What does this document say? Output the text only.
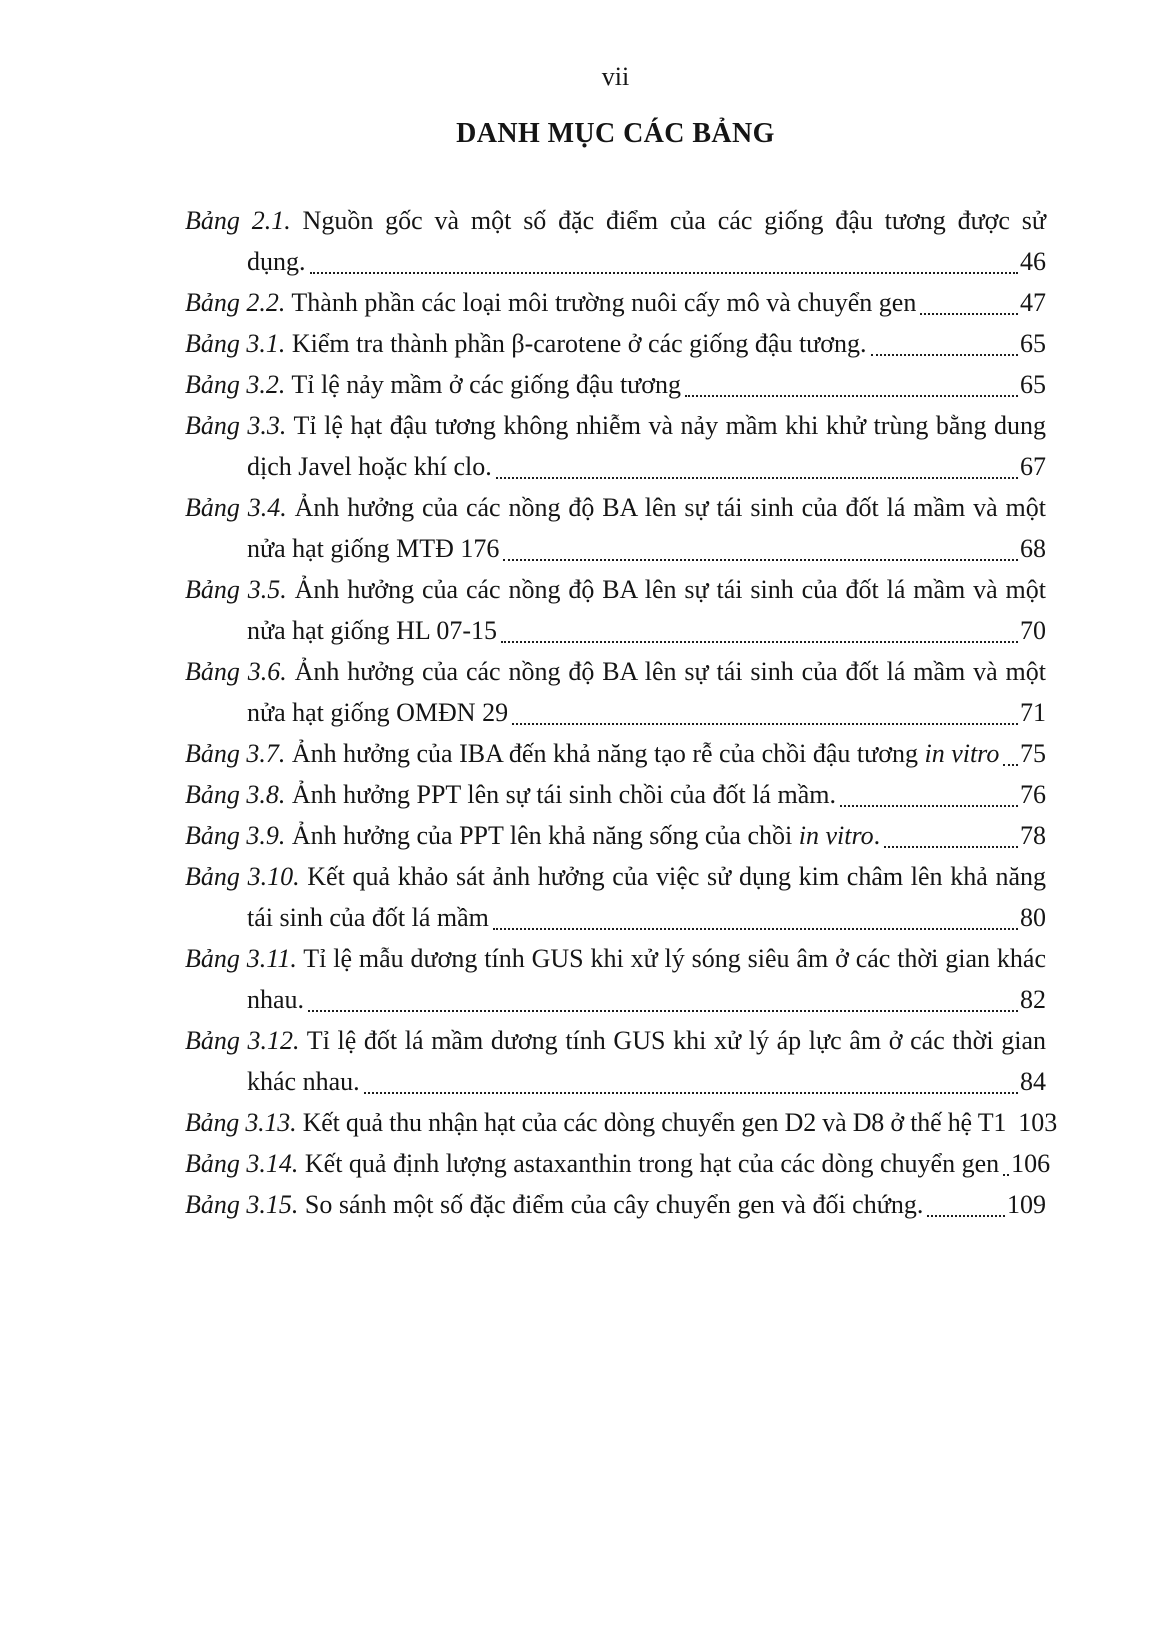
vii
DANH MỤC CÁC BẢNG
Bảng 2.1. Nguồn gốc và một số đặc điểm của các giống đậu tương được sử
dụng.	46
Bảng 2.2. Thành phần các loại môi trường nuôi cấy mô và chuyển gen	47
Bảng 3.1. Kiểm tra thành phần β-carotene ở các giống đậu tương.	65
Bảng 3.2. Tỉ lệ nảy mầm ở các giống đậu tương	65
Bảng 3.3. Tỉ lệ hạt đậu tương không nhiễm và nảy mầm khi khử trùng bằng dung
dịch Javel hoặc khí clo.	67
Bảng 3.4. Ảnh hưởng của các nồng độ BA lên sự tái sinh của đốt lá mầm và một
nửa hạt giống MTĐ 176	68
Bảng 3.5. Ảnh hưởng của các nồng độ BA lên sự tái sinh của đốt lá mầm và một
nửa hạt giống HL 07-15	70
Bảng 3.6. Ảnh hưởng của các nồng độ BA lên sự tái sinh của đốt lá mầm và một
nửa hạt giống OMĐN 29	71
Bảng 3.7. Ảnh hưởng của IBA đến khả năng tạo rễ của chồi đậu tương in vitro 75
Bảng 3.8. Ảnh hưởng PPT lên sự tái sinh chồi của đốt lá mầm.	76
Bảng 3.9. Ảnh hưởng của PPT lên khả năng sống của chồi in vitro.	78
Bảng 3.10. Kết quả khảo sát ảnh hưởng của việc sử dụng kim châm lên khả năng
tái sinh của đốt lá mầm	80
Bảng 3.11. Tỉ lệ mẫu dương tính GUS khi xử lý sóng siêu âm ở các thời gian khác
nhau.	82
Bảng 3.12. Tỉ lệ đốt lá mầm dương tính GUS khi xử lý áp lực âm ở các thời gian
khác nhau.	84
Bảng 3.13. Kết quả thu nhận hạt của các dòng chuyển gen D2 và D8 ở thế hệ T1 103
Bảng 3.14. Kết quả định lượng astaxanthin trong hạt của các dòng chuyển gen 106
Bảng 3.15. So sánh một số đặc điểm của cây chuyển gen và đối chứng.	109
